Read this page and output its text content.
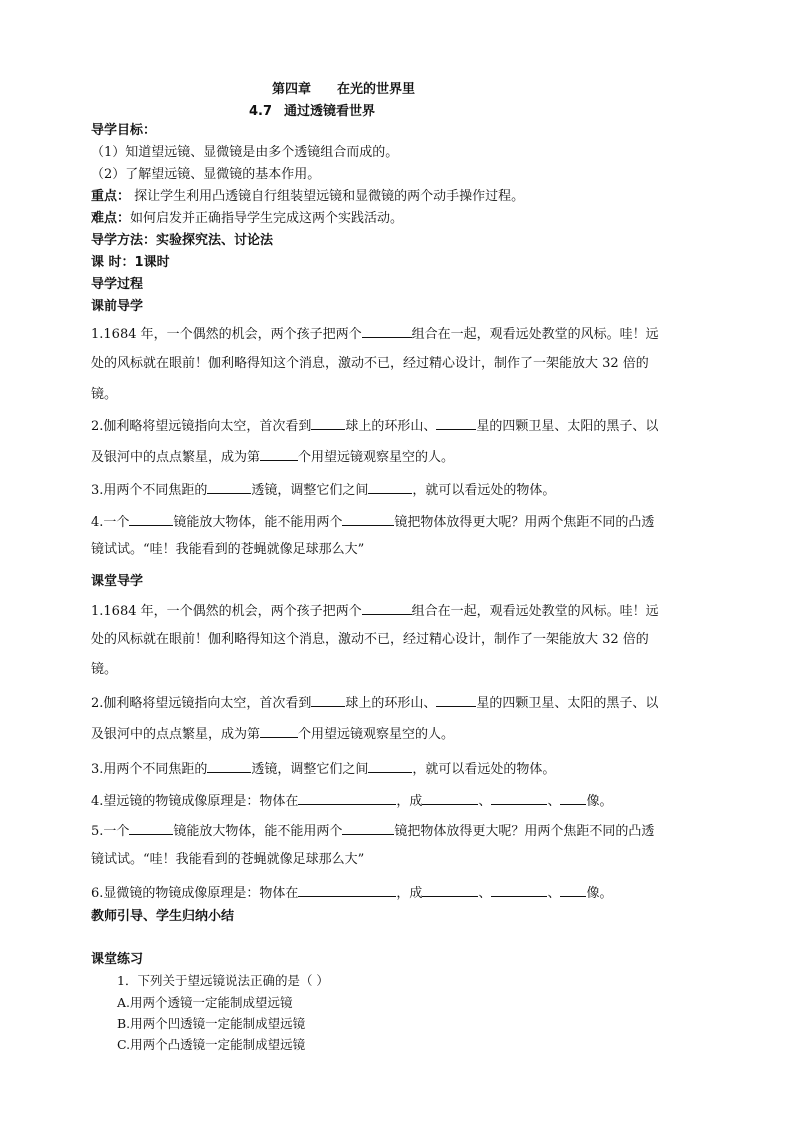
第四章 在光的世界里
4.7 通过透镜看世界
导学目标：
（1）知道望远镜、显微镜是由多个透镜组合而成的。
（2）了解望远镜、显微镜的基本作用。
重点： 探让学生利用凸透镜自行组装望远镜和显微镜的两个动手操作过程。
难点：如何启发并正确指导学生完成这两个实践活动。
导学方法：实验探究法、讨论法
课 时：1课时
导学过程
课前导学
1.1684 年，一个偶然的机会，两个孩子把两个	组合在一起，观看远处教堂的风标。哇！远
处的风标就在眼前！伽利略得知这个消息，激动不已，经过精心设计，制作了一架能放大 32 倍的
镜。
2.伽利略将望远镜指向太空，首次看到	球上的环形山、	星的四颗卫星、太阳的黑子、以
及银河中的点点繁星，成为第	个用望远镜观察星空的人。
3.用两个不同焦距的	透镜，调整它们之间	，就可以看远处的物体。
4.一个	镜能放大物体，能不能用两个	镜把物体放得更大呢？用两个焦距不同的凸透
镜试试。“哇！我能看到的苍蝇就像足球那么大”
课堂导学
1.1684 年，一个偶然的机会，两个孩子把两个	组合在一起，观看远处教堂的风标。哇！远
处的风标就在眼前！伽利略得知这个消息，激动不已，经过精心设计，制作了一架能放大 32 倍的
镜。
2.伽利略将望远镜指向太空，首次看到	球上的环形山、	星的四颗卫星、太阳的黑子、以
及银河中的点点繁星，成为第	个用望远镜观察星空的人。
3.用两个不同焦距的	透镜，调整它们之间	，就可以看远处的物体。
4.望远镜的物镜成像原理是：物体在	，成	、	、 像。
5.一个	镜能放大物体，能不能用两个	镜把物体放得更大呢？用两个焦距不同的凸透
镜试试。“哇！我能看到的苍蝇就像足球那么大”
6.显微镜的物镜成像原理是：物体在	，成	、	、 像。
教师引导、学生归纳小结
课堂练习
1．下列关于望远镜说法正确的是（ ）
A.用两个透镜一定能制成望远镜
B.用两个凹透镜一定能制成望远镜
C.用两个凸透镜一定能制成望远镜
